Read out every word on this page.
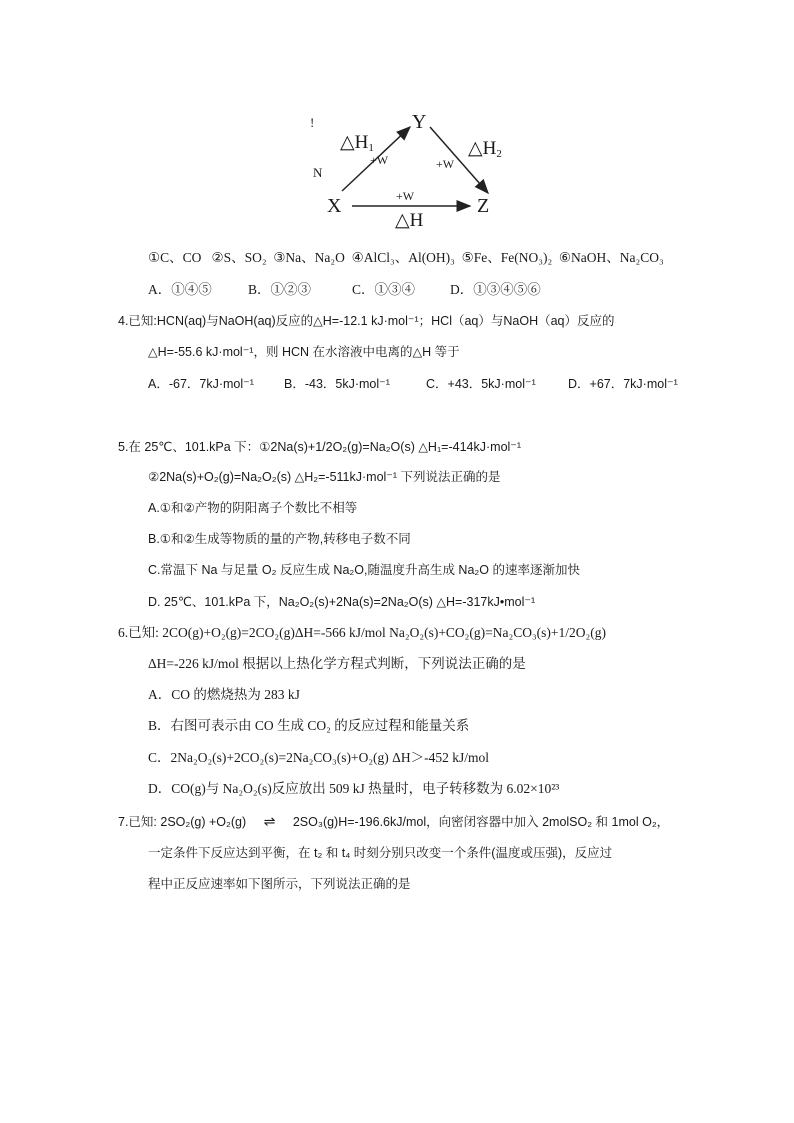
!	Y
X	Z
N
$\triangle H_1$	$\triangle H_2$
△H
+W	+W
+W
①C、CO ②S、SO₂ ③Na、Na₂O ④AlCl₃、Al(OH)₃ ⑤Fe、Fe(NO₃)₂ ⑥NaOH、Na₂CO₃
A．①④⑤	B．①②③	C．①③④	D．①③④⑤⑥
4.已知:HCN(aq)与NaOH(aq)反应的△H=-12.1 kJ·mol⁻¹；HCl（aq）与NaOH（aq）反应的
△H=-55.6 kJ·mol⁻¹，则 HCN 在水溶液中电离的△H 等于
A．-67．7kJ·mol⁻¹ B．-43．5kJ·mol⁻¹	C．+43．5kJ·mol⁻¹	D．+67．7kJ·mol⁻¹
5.在 25℃、101.kPa 下：①2Na(s)+1/2O₂(g)=Na₂O(s) △H₁=-414kJ·mol⁻¹
②2Na(s)+O₂(g)=Na₂O₂(s) △H₂=-511kJ·mol⁻¹ 下列说法正确的是
A.①和②产物的阴阳离子个数比不相等
B.①和②生成等物质的量的产物,转移电子数不同
C.常温下 Na 与足量 O₂ 反应生成 Na₂O,随温度升高生成 Na₂O 的速率逐渐加快
D. 25℃、101.kPa 下，Na₂O₂(s)+2Na(s)=2Na₂O(s) △H=-317kJ•mol⁻¹
6.已知: 2CO(g)+O₂(g)=2CO₂(g)ΔH=-566 kJ/mol Na₂O₂(s)+CO₂(g)=Na₂CO₃(s)+1/2O₂(g)
ΔH=-226 kJ/mol 根据以上热化学方程式判断，下列说法正确的是
A．CO 的燃烧热为 283 kJ
B．右图可表示由 CO 生成 CO₂ 的反应过程和能量关系
C．2Na₂O₂(s)+2CO₂(s)=2Na₂CO₃(s)+O₂(g) ΔH＞-452 kJ/mol
D．CO(g)与 Na₂O₂(s)反应放出 509 kJ 热量时，电子转移数为 6.02×10²³
7.已知: 2SO₂(g) +O₂(g) ⇌ 2SO₃(g)H=-196.6kJ/mol，向密闭容器中加入 2molSO₂ 和 1mol O₂，
一定条件下反应达到平衡，在 t₂ 和 t₄ 时刻分别只改变一个条件(温度或压强)，反应过
程中正反应速率如下图所示，下列说法正确的是
